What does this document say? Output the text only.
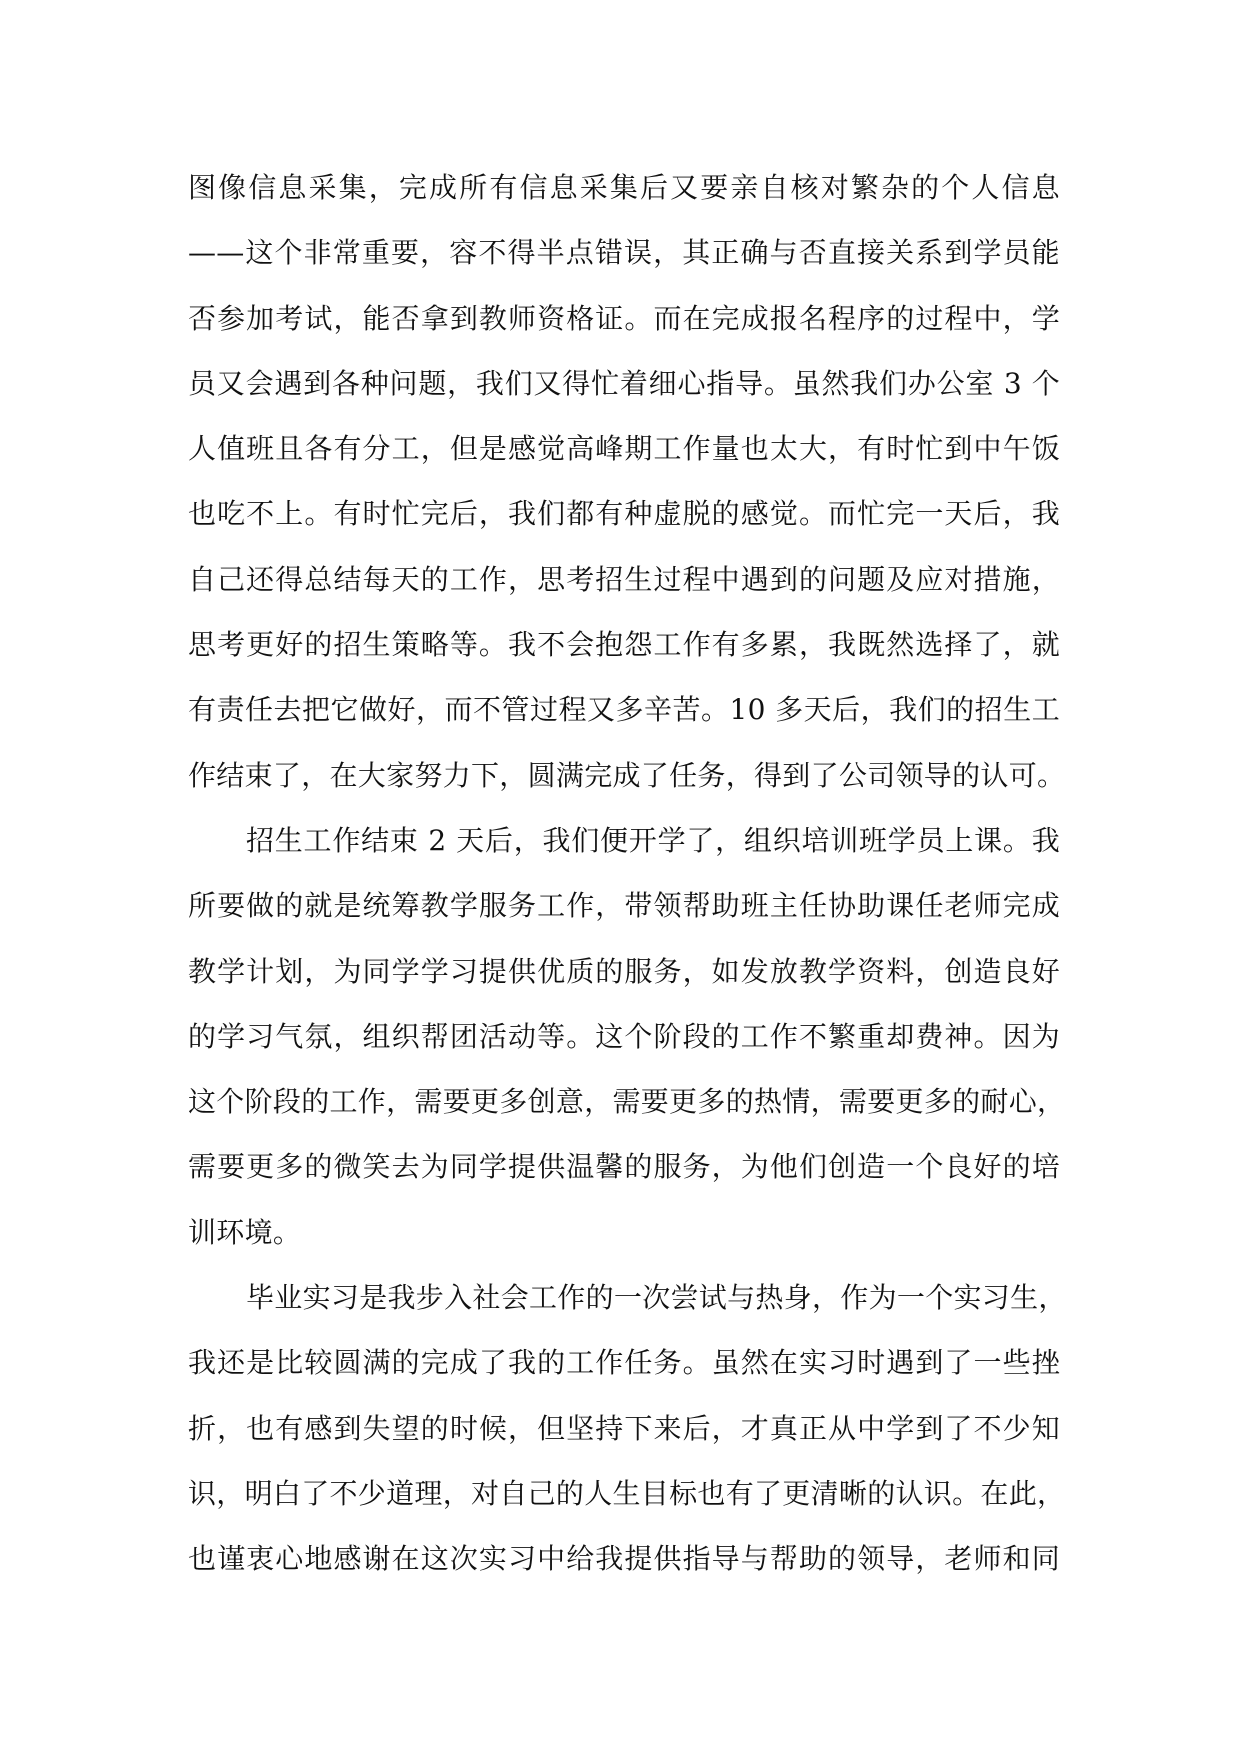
图像信息采集，完成所有信息采集后又要亲自核对繁杂的个人信息
——这个非常重要，容不得半点错误，其正确与否直接关系到学员能
否参加考试，能否拿到教师资格证。而在完成报名程序的过程中，学
员又会遇到各种问题，我们又得忙着细心指导。虽然我们办公室 3 个
人值班且各有分工，但是感觉高峰期工作量也太大，有时忙到中午饭
也吃不上。有时忙完后，我们都有种虚脱的感觉。而忙完一天后，我
自己还得总结每天的工作，思考招生过程中遇到的问题及应对措施，
思考更好的招生策略等。我不会抱怨工作有多累，我既然选择了，就
有责任去把它做好，而不管过程又多辛苦。10 多天后，我们的招生工
作结束了，在大家努力下，圆满完成了任务，得到了公司领导的认可。
招生工作结束 2 天后，我们便开学了，组织培训班学员上课。我
所要做的就是统筹教学服务工作，带领帮助班主任协助课任老师完成
教学计划，为同学学习提供优质的服务，如发放教学资料，创造良好
的学习气氛，组织帮团活动等。这个阶段的工作不繁重却费神。因为
这个阶段的工作，需要更多创意，需要更多的热情，需要更多的耐心，
需要更多的微笑去为同学提供温馨的服务，为他们创造一个良好的培
训环境。
毕业实习是我步入社会工作的一次尝试与热身，作为一个实习生，
我还是比较圆满的完成了我的工作任务。虽然在实习时遇到了一些挫
折，也有感到失望的时候，但坚持下来后，才真正从中学到了不少知
识，明白了不少道理，对自己的人生目标也有了更清晰的认识。在此，
也谨衷心地感谢在这次实习中给我提供指导与帮助的领导，老师和同
